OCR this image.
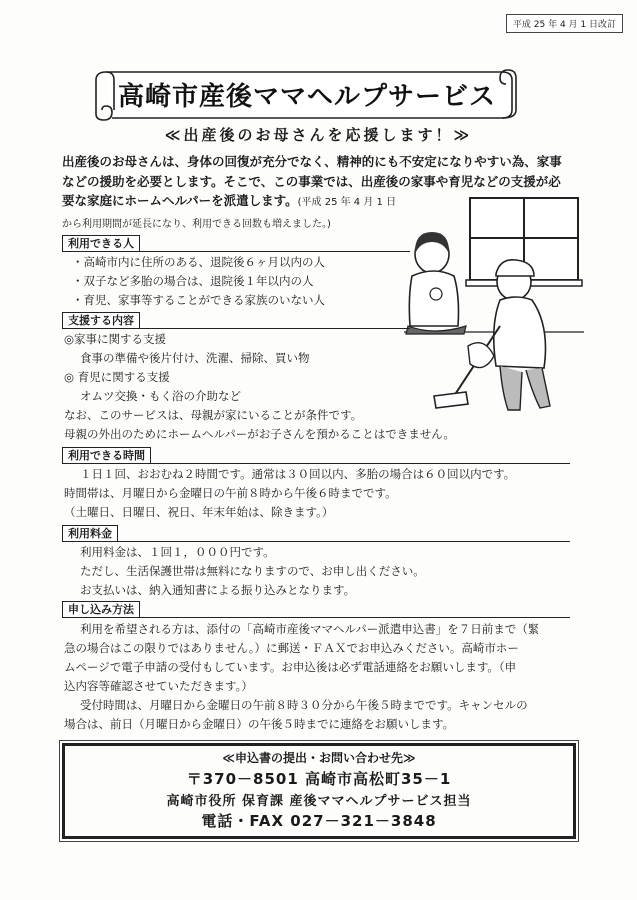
平成 25 年 4 月 1 日改訂
高崎市産後ママヘルプサービス
≪出産後のお母さんを応援します！≫
出産後のお母さんは、身体の回復が充分でなく、精神的にも不安定になりやすい為、家事
などの援助を必要とします。そこで、この事業では、出産後の家事や育児などの支援が必
要な家庭にホームヘルパーを派遣します。(平成 25 年 4 月 1 日
から利用期間が延長になり、利用できる回数も増えました。)
利用できる人
・高崎市内に住所のある、退院後６ヶ月以内の人
・双子など多胎の場合は、退院後１年以内の人
・育児、家事等することができる家族のいない人
支援する内容
◎家事に関する支援
食事の準備や後片付け、洗濯、掃除、買い物
◎ 育児に関する支援
オムツ交換・もく浴の介助など
なお、このサービスは、母親が家にいることが条件です。
母親の外出のためにホームヘルパーがお子さんを預かることはできません。
利用できる時間
１日１回、おおむね２時間です。通常は３０回以内、多胎の場合は６０回以内です。
時間帯は、月曜日から金曜日の午前８時から午後６時までです。
（土曜日、日曜日、祝日、年末年始は、除きます。）
利用料金
利用料金は、１回１，０００円です。
ただし、生活保護世帯は無料になりますので、お申し出ください。
お支払いは、納入通知書による振り込みとなります。
申し込み方法
利用を希望される方は、添付の「高崎市産後ママヘルパー派遣申込書」を７日前まで（緊
急の場合はこの限りではありません。）に郵送・ＦＡＸでお申込みください。高崎市ホー
ムページで電子申請の受付もしています。お申込後は必ず電話連絡をお願いします。（申
込内容等確認させていただきます。）
受付時間は、月曜日から金曜日の午前８時３０分から午後５時までです。キャンセルの
場合は、前日（月曜日から金曜日）の午後５時までに連絡をお願いします。
≪申込書の提出・お問い合わせ先≫
〒370－8501 高崎市高松町35－1
高崎市役所 保育課 産後ママヘルプサービス担当
電話・FAX 027－321－3848
